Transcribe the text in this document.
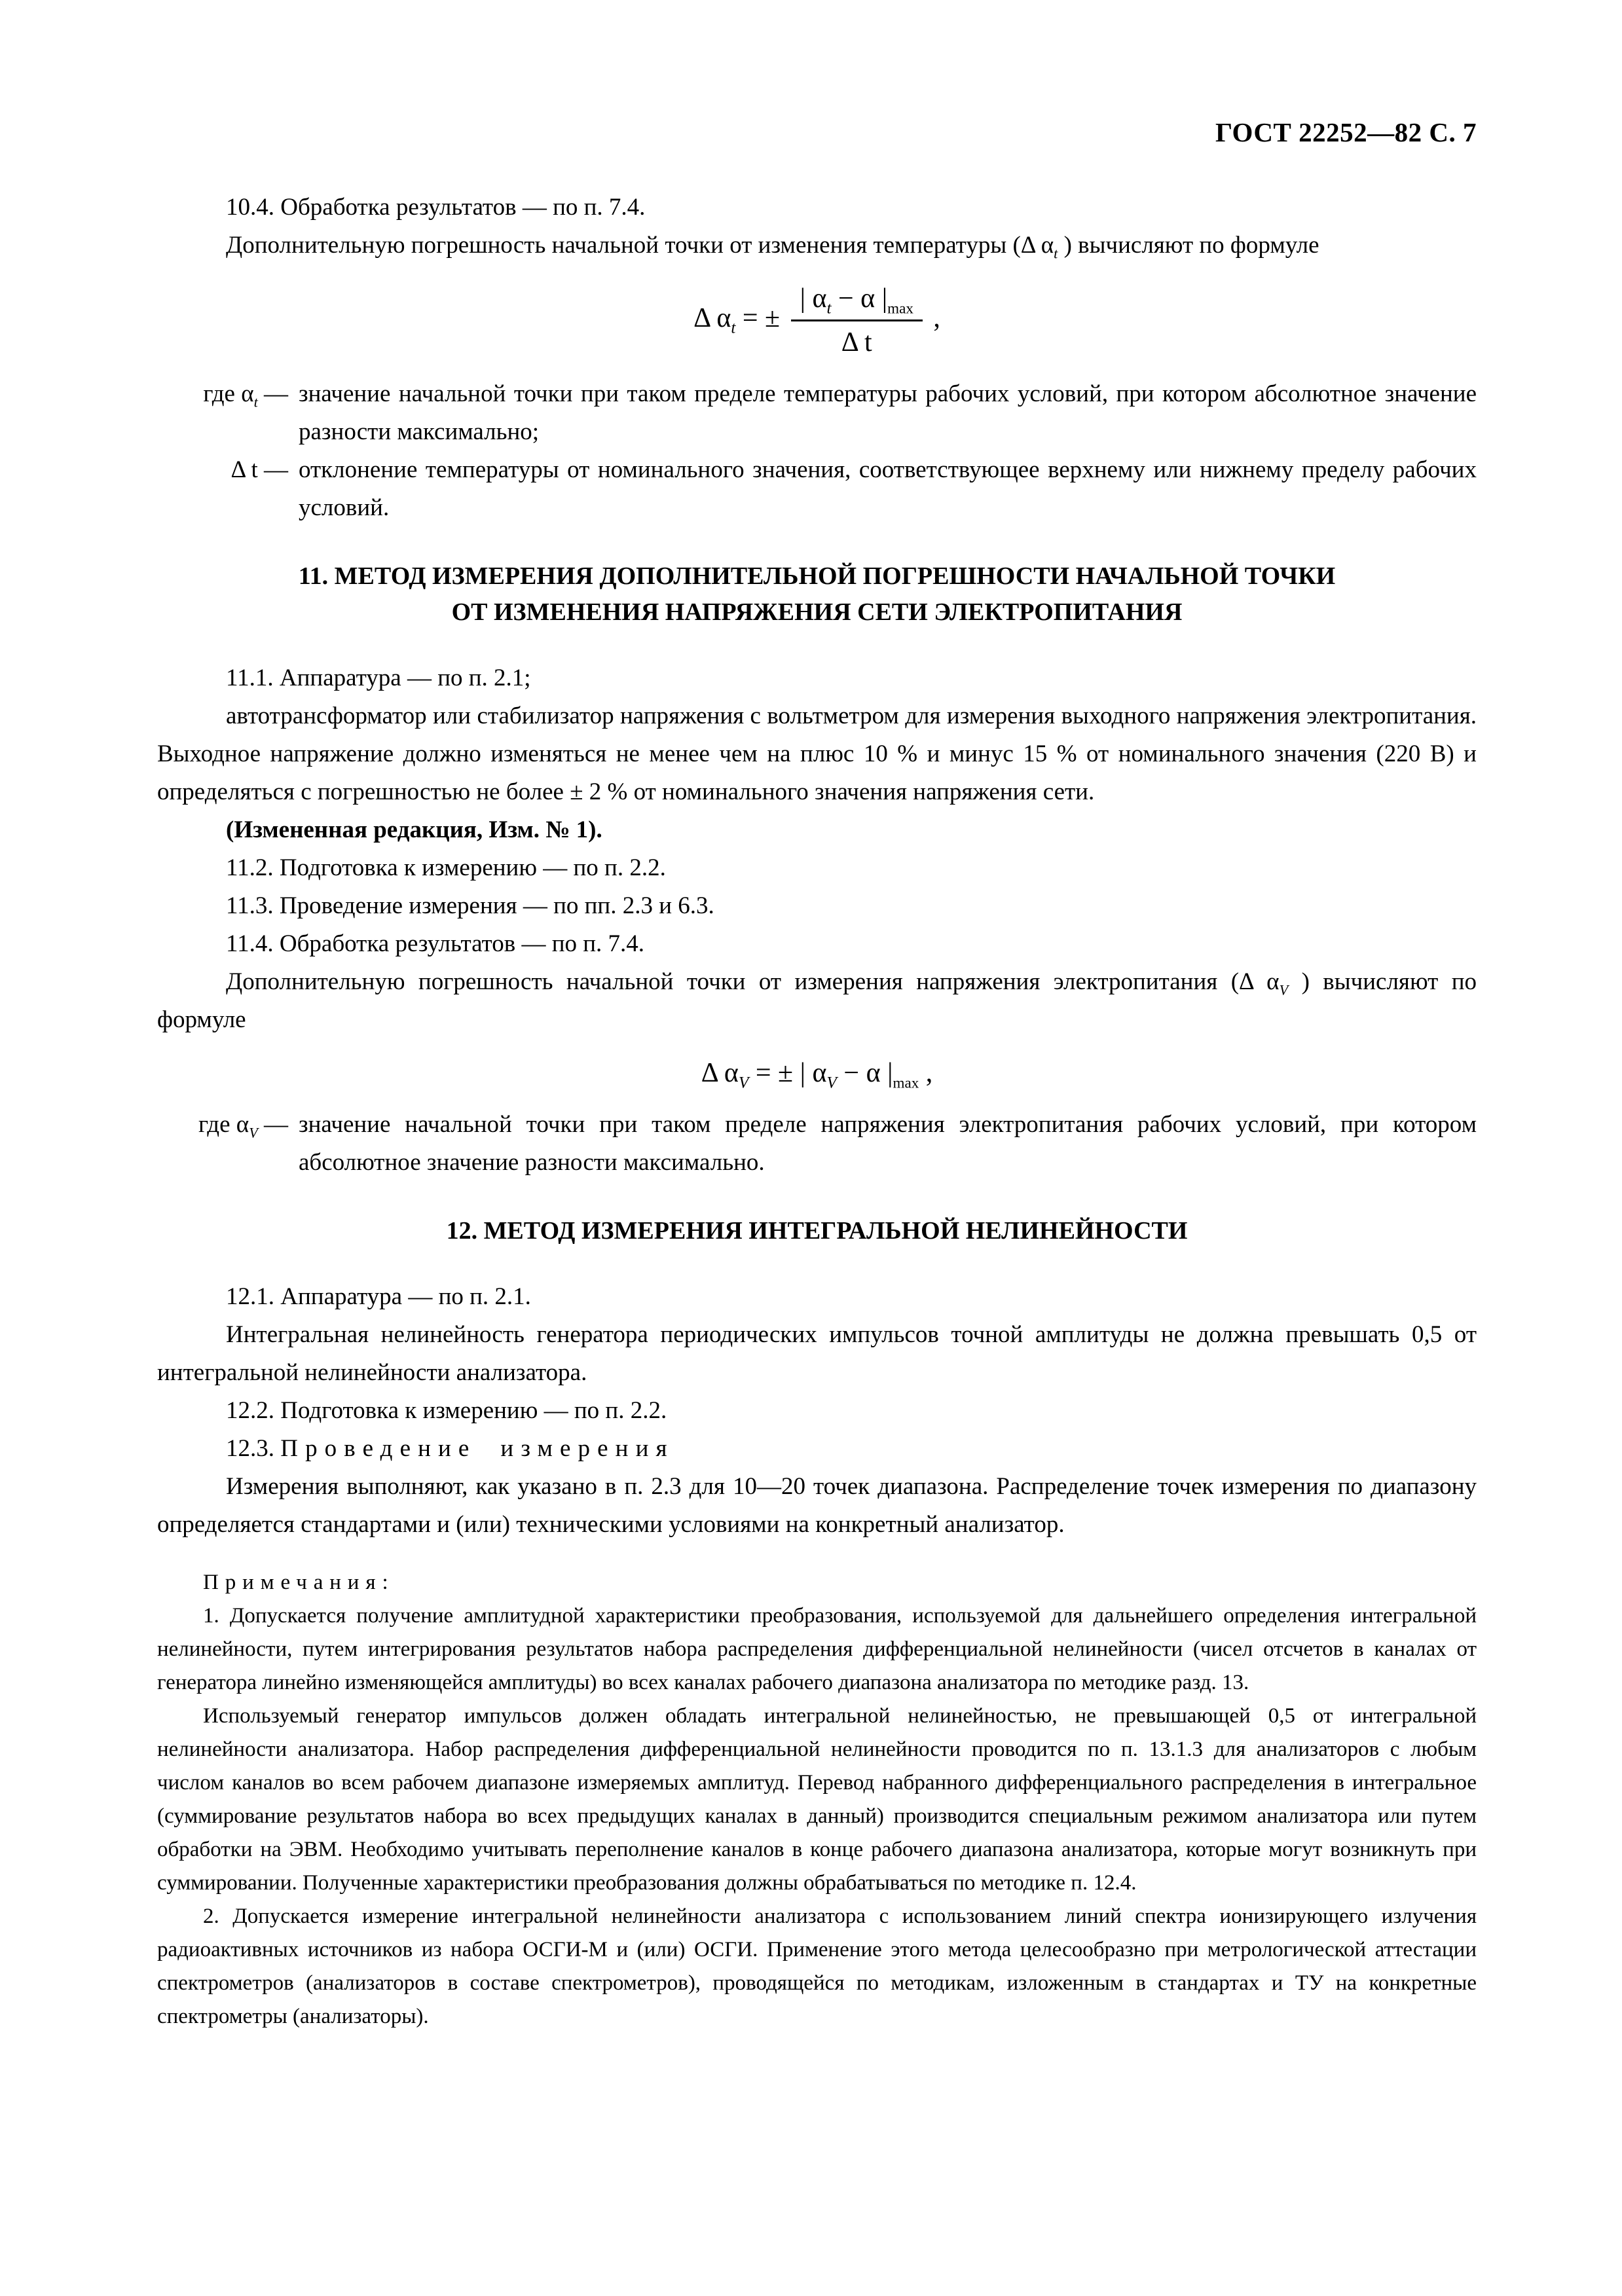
ГОСТ 22252—82 С. 7

10.4. Обработка результатов — по п. 7.4.

Дополнительную погрешность начальной точки от изменения температуры (Δ $\alpha_t$ ) вычисляют по формуле

Δ $\alpha_t$ = ± $\frac{| \alpha_t - \alpha |_{max}}{\text{Δ t}}$ ,
где $\alpha_t$ — значение начальной точки при таком пределе температуры рабочих условий, при котором абсолютное значение разности максимально;
Δ t — отклонение температуры от номинального значения, соответствующее верхнему или нижнему пределу рабочих условий.
11. МЕТОД ИЗМЕРЕНИЯ ДОПОЛНИТЕЛЬНОЙ ПОГРЕШНОСТИ НАЧАЛЬНОЙ ТОЧКИ
ОТ ИЗМЕНЕНИЯ НАПРЯЖЕНИЯ СЕТИ ЭЛЕКТРОПИТАНИЯ

11.1. Аппаратура — по п. 2.1;

автотрансформатор или стабилизатор напряжения с вольтметром для измерения выходного напряжения электропитания. Выходное напряжение должно изменяться не менее чем на плюс 10 % и минус 15 % от номинального значения (220 В) и определяться с погрешностью не более ± 2 % от номинального значения напряжения сети.

(Измененная редакция, Изм. № 1).

11.2. Подготовка к измерению — по п. 2.2.

11.3. Проведение измерения — по пп. 2.3 и 6.3.

11.4. Обработка результатов — по п. 7.4.

Дополнительную погрешность начальной точки от измерения напряжения электропитания (Δ $\alpha_V$ ) вычисляют по формуле

Δ $\alpha_V$ = ± | $\alpha_V - \alpha$ $|_{max}$ ,
где $\alpha_V$ — значение начальной точки при таком пределе напряжения электропитания рабочих условий, при котором абсолютное значение разности максимально.
12. МЕТОД ИЗМЕРЕНИЯ ИНТЕГРАЛЬНОЙ НЕЛИНЕЙНОСТИ

12.1. Аппаратура — по п. 2.1.

Интегральная нелинейность генератора периодических импульсов точной амплитуды не должна превышать 0,5 от интегральной нелинейности анализатора.

12.2. Подготовка к измерению — по п. 2.2.

12.3. Проведение измерения

Измерения выполняют, как указано в п. 2.3 для 10—20 точек диапазона. Распределение точек измерения по диапазону определяется стандартами и (или) техническими условиями на конкретный анализатор.

Примечания:

1. Допускается получение амплитудной характеристики преобразования, используемой для дальнейшего определения интегральной нелинейности, путем интегрирования результатов набора распределения дифференциальной нелинейности (чисел отсчетов в каналах от генератора линейно изменяющейся амплитуды) во всех каналах рабочего диапазона анализатора по методике разд. 13.

Используемый генератор импульсов должен обладать интегральной нелинейностью, не превышающей 0,5 от интегральной нелинейности анализатора. Набор распределения дифференциальной нелинейности проводится по п. 13.1.3 для анализаторов с любым числом каналов во всем рабочем диапазоне измеряемых амплитуд. Перевод набранного дифференциального распределения в интегральное (суммирование результатов набора во всех предыдущих каналах в данный) производится специальным режимом анализатора или путем обработки на ЭВМ. Необходимо учитывать переполнение каналов в конце рабочего диапазона анализатора, которые могут возникнуть при суммировании. Полученные характеристики преобразования должны обрабатываться по методике п. 12.4.

2. Допускается измерение интегральной нелинейности анализатора с использованием линий спектра ионизирующего излучения радиоактивных источников из набора ОСГИ-М и (или) ОСГИ. Применение этого метода целесообразно при метрологической аттестации спектрометров (анализаторов в составе спектрометров), проводящейся по методикам, изложенным в стандартах и ТУ на конкретные спектрометры (анализаторы).
